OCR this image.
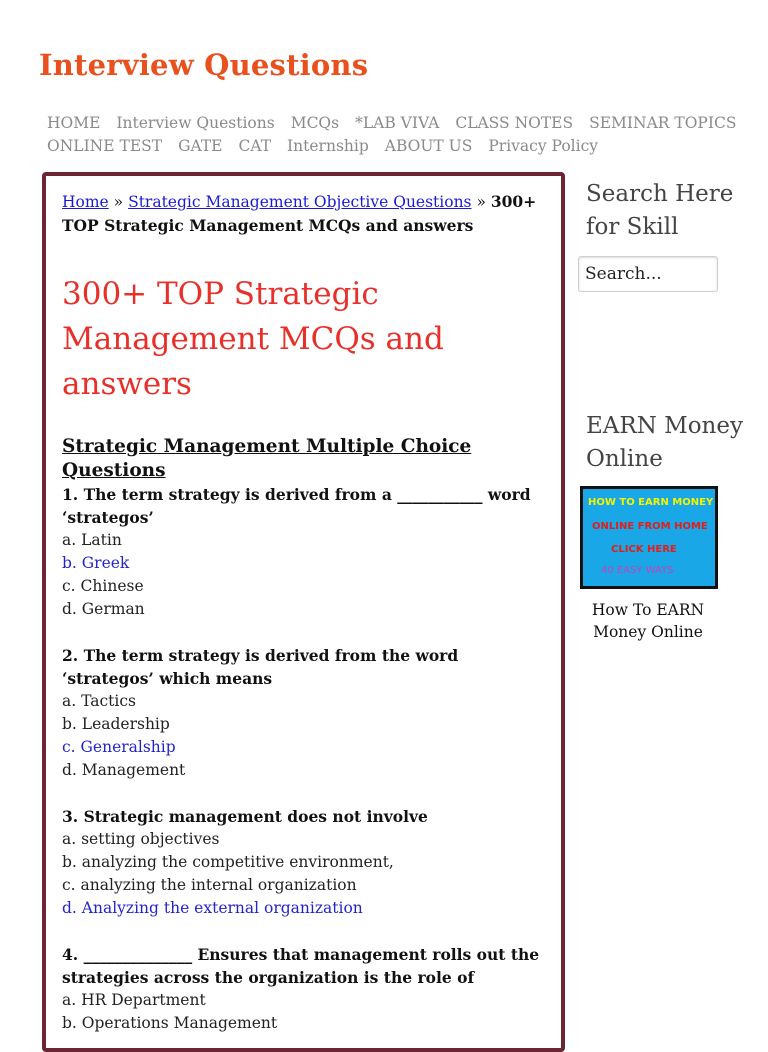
Interview Questions
HOME Interview Questions MCQs *LAB VIVA CLASS NOTES SEMINAR TOPICS
ONLINE TEST GATE CAT Internship ABOUT US Privacy Policy
Home » Strategic Management Objective Questions » 300+ TOP Strategic Management MCQs and answers
300+ TOP Strategic Management MCQs and answers
Strategic Management Multiple Choice Questions
1. The term strategy is derived from a ___________ word ‘strategos’
a. Latin
b. Greek
c. Chinese
d. German
2. The term strategy is derived from the word ‘strategos’ which means
a. Tactics
b. Leadership
c. Generalship
d. Management
3. Strategic management does not involve
a. setting objectives
b. analyzing the competitive environment,
c. analyzing the internal organization
d. Analyzing the external organization
4. ______________ Ensures that management rolls out the strategies across the organization is the role of
a. HR Department
b. Operations Management
Search Here for Skill
Search...
EARN Money Online
HOW TO EARN MONEY
ONLINE FROM HOME
CLICK HERE
40 EASY WAYS
How To EARN Money Online
